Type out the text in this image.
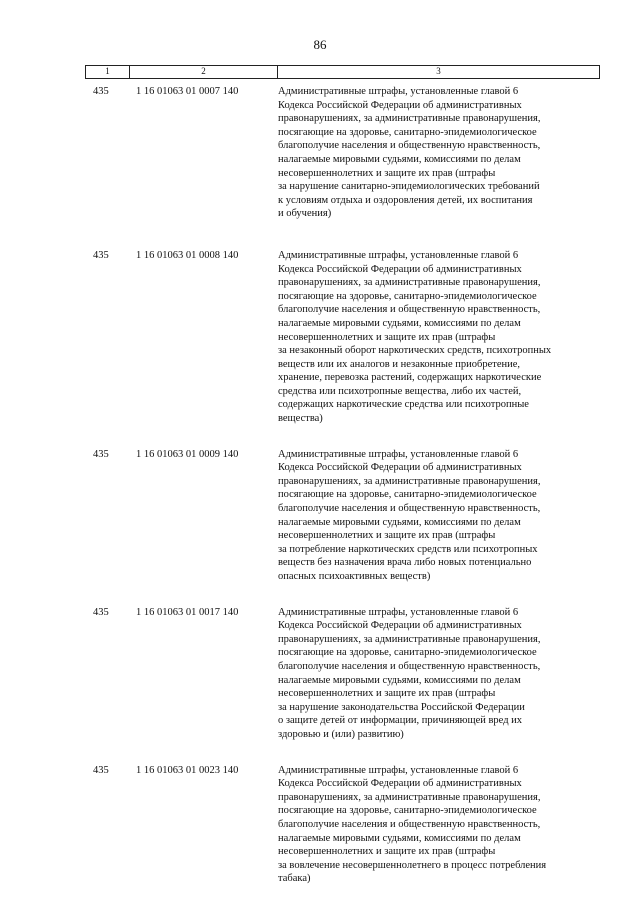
86
1	2	3
435	1 16 01063 01 0007 140	Административные штрафы, установленные главой 6
Кодекса Российской Федерации об административных
правонарушениях, за административные правонарушения,
посягающие на здоровье, санитарно-эпидемиологическое
благополучие населения и общественную нравственность,
налагаемые мировыми судьями, комиссиями по делам
несовершеннолетних и защите их прав (штрафы
за нарушение санитарно-эпидемиологических требований
к условиям отдыха и оздоровления детей, их воспитания
и обучения)
435	1 16 01063 01 0008 140	Административные штрафы, установленные главой 6
Кодекса Российской Федерации об административных
правонарушениях, за административные правонарушения,
посягающие на здоровье, санитарно-эпидемиологическое
благополучие населения и общественную нравственность,
налагаемые мировыми судьями, комиссиями по делам
несовершеннолетних и защите их прав (штрафы
за незаконный оборот наркотических средств, психотропных
веществ или их аналогов и незаконные приобретение,
хранение, перевозка растений, содержащих наркотические
средства или психотропные вещества, либо их частей,
содержащих наркотические средства или психотропные
вещества)
435	1 16 01063 01 0009 140	Административные штрафы, установленные главой 6
Кодекса Российской Федерации об административных
правонарушениях, за административные правонарушения,
посягающие на здоровье, санитарно-эпидемиологическое
благополучие населения и общественную нравственность,
налагаемые мировыми судьями, комиссиями по делам
несовершеннолетних и защите их прав (штрафы
за потребление наркотических средств или психотропных
веществ без назначения врача либо новых потенциально
опасных психоактивных веществ)
435	1 16 01063 01 0017 140	Административные штрафы, установленные главой 6
Кодекса Российской Федерации об административных
правонарушениях, за административные правонарушения,
посягающие на здоровье, санитарно-эпидемиологическое
благополучие населения и общественную нравственность,
налагаемые мировыми судьями, комиссиями по делам
несовершеннолетних и защите их прав (штрафы
за нарушение законодательства Российской Федерации
о защите детей от информации, причиняющей вред их
здоровью и (или) развитию)
435	1 16 01063 01 0023 140	Административные штрафы, установленные главой 6
Кодекса Российской Федерации об административных
правонарушениях, за административные правонарушения,
посягающие на здоровье, санитарно-эпидемиологическое
благополучие населения и общественную нравственность,
налагаемые мировыми судьями, комиссиями по делам
несовершеннолетних и защите их прав (штрафы
за вовлечение несовершеннолетнего в процесс потребления
табака)
